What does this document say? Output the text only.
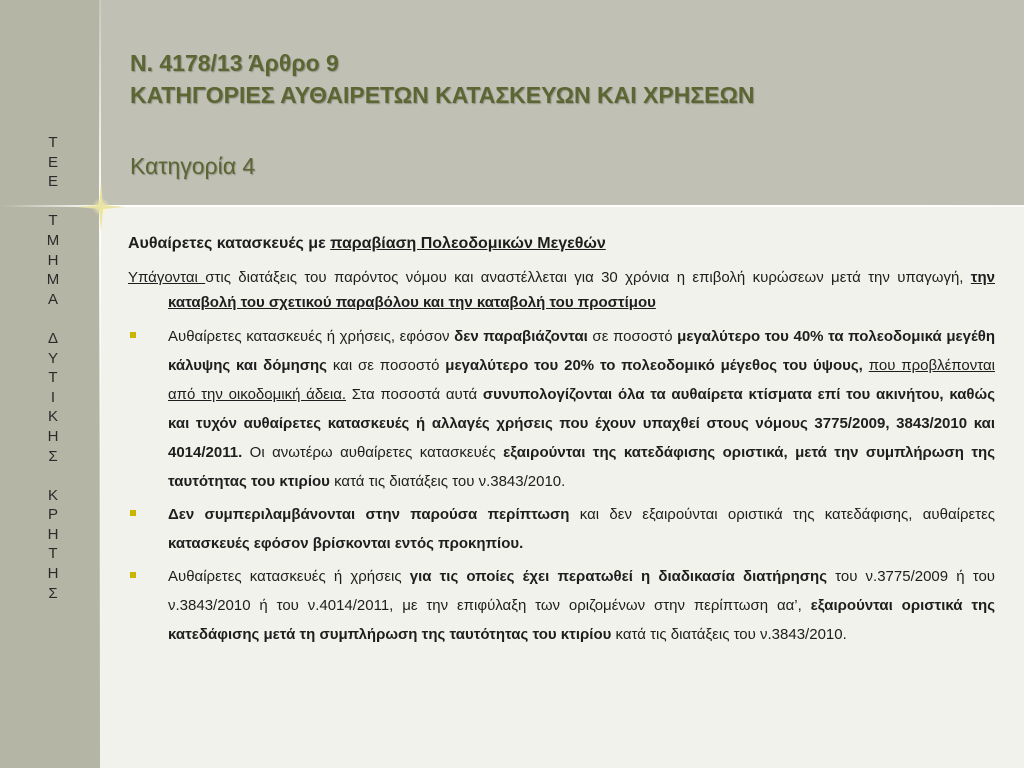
Τ
Ε
Ε
Τ
Μ
Η
Μ
Α
Δ
Υ
Τ
Ι
Κ
Η
Σ
Κ
Ρ
Η
Τ
Η
Σ
Ν. 4178/13 Άρθρο 9
ΚΑΤΗΓΟΡΙΕΣ ΑΥΘΑΙΡΕΤΩΝ ΚΑΤΑΣΚΕΥΩΝ ΚΑΙ ΧΡΗΣΕΩΝ
Κατηγορία 4
Αυθαίρετες κατασκευές με παραβίαση Πολεοδομικών Μεγεθών
Υπάγονται στις διατάξεις του παρόντος νόμου και αναστέλλεται για 30 χρόνια η επιβολή κυρώσεων μετά την υπαγωγή, την καταβολή του σχετικού παραβόλου και την καταβολή του προστίμου
Αυθαίρετες κατασκευές ή χρήσεις, εφόσον δεν παραβιάζονται σε ποσοστό μεγαλύτερο του 40% τα πολεοδομικά μεγέθη κάλυψης και δόμησης και σε ποσοστό μεγαλύτερο του 20% το πολεοδομικό μέγεθος του ύψους, που προβλέπονται από την οικοδομική άδεια. Στα ποσοστά αυτά συνυπολογίζονται όλα τα αυθαίρετα κτίσματα επί του ακινήτου, καθώς και τυχόν αυθαίρετες κατασκευές ή αλλαγές χρήσεις που έχουν υπαχθεί στους νόμους 3775/2009, 3843/2010 και 4014/2011. Οι ανωτέρω αυθαίρετες κατασκευές εξαιρούνται της κατεδάφισης οριστικά, μετά την συμπλήρωση της ταυτότητας του κτιρίου κατά τις διατάξεις του ν.3843/2010.
Δεν συμπεριλαμβάνονται στην παρούσα περίπτωση και δεν εξαιρούνται οριστικά της κατεδάφισης, αυθαίρετες κατασκευές εφόσον βρίσκονται εντός προκηπίου.
Αυθαίρετες κατασκευές ή χρήσεις για τις οποίες έχει περατωθεί η διαδικασία διατήρησης του ν.3775/2009 ή του ν.3843/2010 ή του ν.4014/2011, με την επιφύλαξη των οριζομένων στην περίπτωση αα’, εξαιρούνται οριστικά της κατεδάφισης μετά τη συμπλήρωση της ταυτότητας του κτιρίου κατά τις διατάξεις του ν.3843/2010.
